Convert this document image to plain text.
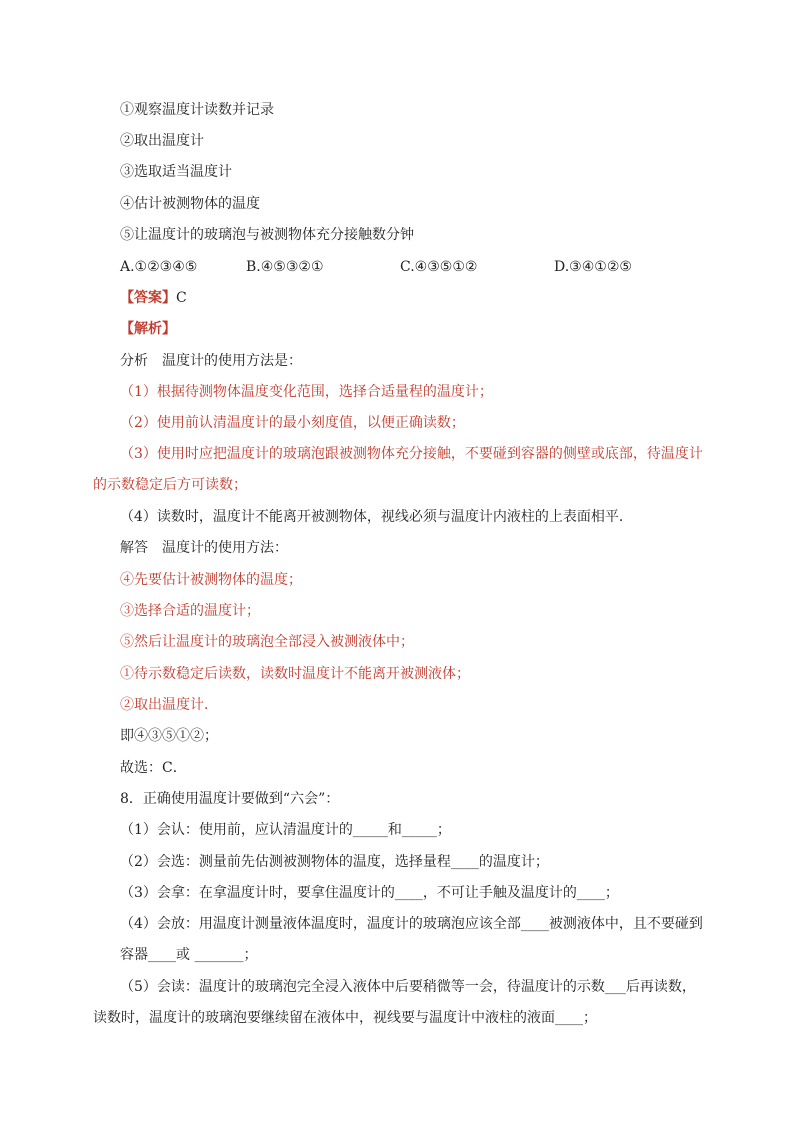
①观察温度计读数并记录
②取出温度计
③选取适当温度计
④估计被测物体的温度
⑤让温度计的玻璃泡与被测物体充分接触数分钟
A.①②③④⑤	B.④⑤③②①	C.④③⑤①②	D.③④①②⑤
【答案】C
【解析】
分析　温度计的使用方法是：
（1）根据待测物体温度变化范围，选择合适量程的温度计；
（2）使用前认清温度计的最小刻度值，以便正确读数；
（3）使用时应把温度计的玻璃泡跟被测物体充分接触，不要碰到容器的侧壁或底部，待温度计
的示数稳定后方可读数；
（4）读数时，温度计不能离开被测物体，视线必须与温度计内液柱的上表面相平．
解答　温度计的使用方法：
④先要估计被测物体的温度；
③选择合适的温度计；
⑤然后让温度计的玻璃泡全部浸入被测液体中；
①待示数稳定后读数，读数时温度计不能离开被测液体；
②取出温度计．
即④③⑤①②；
故选：C．
8．正确使用温度计要做到“六会”：
（1）会认：使用前，应认清温度计的_____和_____；
（2）会选：测量前先估测被测物体的温度，选择量程____的温度计；
（3）会拿：在拿温度计时，要拿住温度计的____，不可让手触及温度计的____；
（4）会放：用温度计测量液体温度时，温度计的玻璃泡应该全部____被测液体中，且不要碰到
容器____或 _______；
（5）会读：温度计的玻璃泡完全浸入液体中后要稍微等一会，待温度计的示数___后再读数，
读数时，温度计的玻璃泡要继续留在液体中，视线要与温度计中液柱的液面____；
